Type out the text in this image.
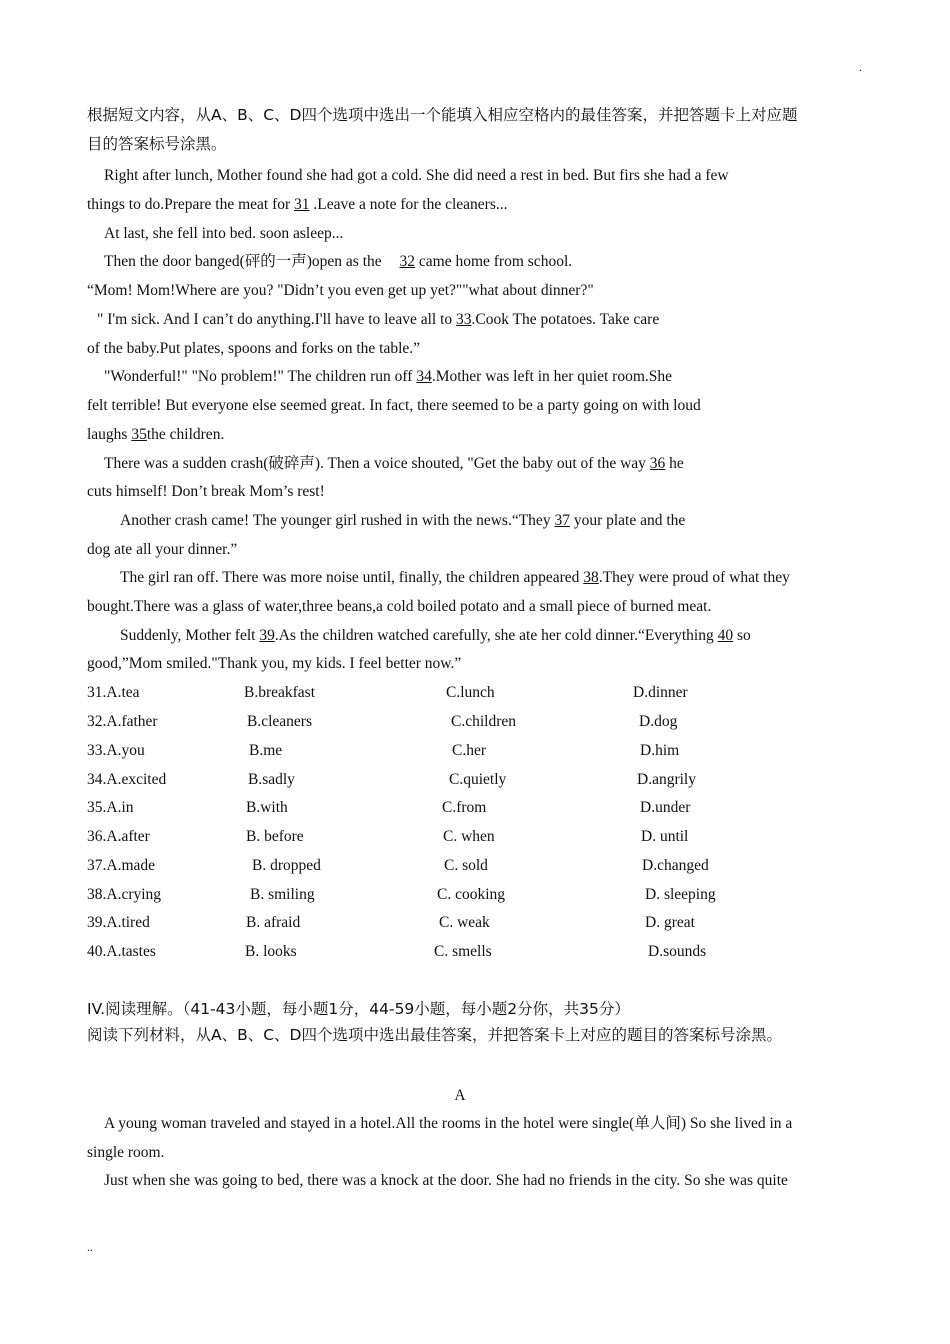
.
根据短文内容，从A、B、C、D四个选项中选出一个能填入相应空格内的最佳答案，并把答题卡上对应题
目的答案标号涂黑。
Right after lunch, Mother found she had got a cold. She did need a rest in bed. But firs she had a few
things to do.Prepare the meat for 31 .Leave a note for the cleaners...
At last, she fell into bed. soon asleep...
Then the door banged(砰的一声)open as the 32 came home from school.
“Mom! Mom!Where are you? "Didn’t you even get up yet?""what about dinner?"
" I'm sick. And I can’t do anything.I'll have to leave all to 33.Cook The potatoes. Take care
of the baby.Put plates, spoons and forks on the table.”
"Wonderful!" "No problem!" The children run off 34.Mother was left in her quiet room.She
felt terrible! But everyone else seemed great. In fact, there seemed to be a party going on with loud
laughs 35the children.
There was a sudden crash(破碎声). Then a voice shouted, "Get the baby out of the way 36 he
cuts himself! Don’t break Mom’s rest!
Another crash came! The younger girl rushed in with the news.“They 37 your plate and the
dog ate all your dinner.”
The girl ran off. There was more noise until, finally, the children appeared 38.They were proud of what they
bought.There was a glass of water,three beans,a cold boiled potato and a small piece of burned meat.
Suddenly, Mother felt 39.As the children watched carefully, she ate her cold dinner.“Everything 40 so
good,”Mom smiled."Thank you, my kids. I feel better now.”
31.A.tea	B.breakfast	C.lunch	D.dinner
32.A.father	B.cleaners	C.children	D.dog
33.A.you	B.me	C.her	D.him
34.A.excited	B.sadly	C.quietly	D.angrily
35.A.in	B.with	C.from	D.under
36.A.after	B. before	C. when	D. until
37.A.made	B. dropped	C. sold	D.changed
38.A.crying	B. smiling	C. cooking	D. sleeping
39.A.tired	B. afraid	C. weak	D. great
40.A.tastes	B. looks	C. smells	D.sounds
IV.阅读理解。（41-43小题，每小题1分，44-59小题，每小题2分你，共35分）
阅读下列材料，从A、B、C、D四个选项中选出最佳答案，并把答案卡上对应的题目的答案标号涂黑。
A
A young woman traveled and stayed in a hotel.All the rooms in the hotel were single(单人间) So she lived in a
single room.
Just when she was going to bed, there was a knock at the door. She had no friends in the city. So she was quite
..
